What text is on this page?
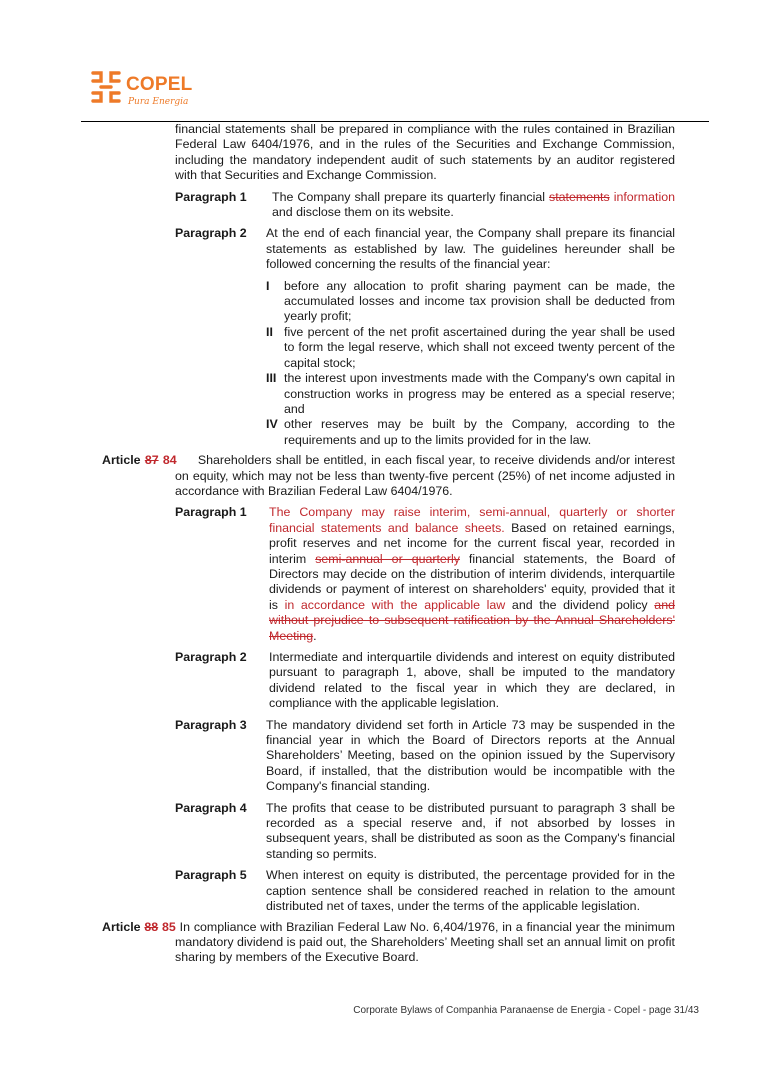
COPEL
Pura Energia

financial statements shall be prepared in compliance with the rules contained in Brazilian Federal Law 6404/1976, and in the rules of the Securities and Exchange Commission, including the mandatory independent audit of such statements by an auditor registered with that Securities and Exchange Commission.

Paragraph 1	The Company shall prepare its quarterly financial statements information and disclose them on its website.
Paragraph 2	At the end of each financial year, the Company shall prepare its financial statements as established by law. The guidelines hereunder shall be followed concerning the results of the financial year:
I	before any allocation to profit sharing payment can be made, the accumulated losses and income tax provision shall be deducted from yearly profit;
II five percent of the net profit ascertained during the year shall be used to form the legal reserve, which shall not exceed twenty percent of the capital stock;
III the interest upon investments made with the Company's own capital in construction works in progress may be entered as a special reserve; and
IV other reserves may be built by the Company, according to the requirements and up to the limits provided for in the law.

Article 87 84 Shareholders shall be entitled, in each fiscal year, to receive dividends and/or interest on equity, which may not be less than twenty-five percent (25%) of net income adjusted in accordance with Brazilian Federal Law 6404/1976.

Paragraph 1	The Company may raise interim, semi-annual, quarterly or shorter financial statements and balance sheets. Based on retained earnings, profit reserves and net income for the current fiscal year, recorded in interim semi-annual or quarterly financial statements, the Board of Directors may decide on the distribution of interim dividends, interquartile dividends or payment of interest on shareholders' equity, provided that it is in accordance with the applicable law and the dividend policy and without prejudice to subsequent ratification by the Annual Shareholders' Meeting.
Paragraph 2	Intermediate and interquartile dividends and interest on equity distributed pursuant to paragraph 1, above, shall be imputed to the mandatory dividend related to the fiscal year in which they are declared, in compliance with the applicable legislation.
Paragraph 3	The mandatory dividend set forth in Article 73 may be suspended in the financial year in which the Board of Directors reports at the Annual Shareholders’ Meeting, based on the opinion issued by the Supervisory Board, if installed, that the distribution would be incompatible with the Company's financial standing.
Paragraph 4	The profits that cease to be distributed pursuant to paragraph 3 shall be recorded as a special reserve and, if not absorbed by losses in subsequent years, shall be distributed as soon as the Company's financial standing so permits.
Paragraph 5	When interest on equity is distributed, the percentage provided for in the caption sentence shall be considered reached in relation to the amount distributed net of taxes, under the terms of the applicable legislation.

Article 88 85 In compliance with Brazilian Federal Law No. 6,404/1976, in a financial year the minimum mandatory dividend is paid out, the Shareholders’ Meeting shall set an annual limit on profit sharing by members of the Executive Board.

Corporate Bylaws of Companhia Paranaense de Energia - Copel - page 31/43
